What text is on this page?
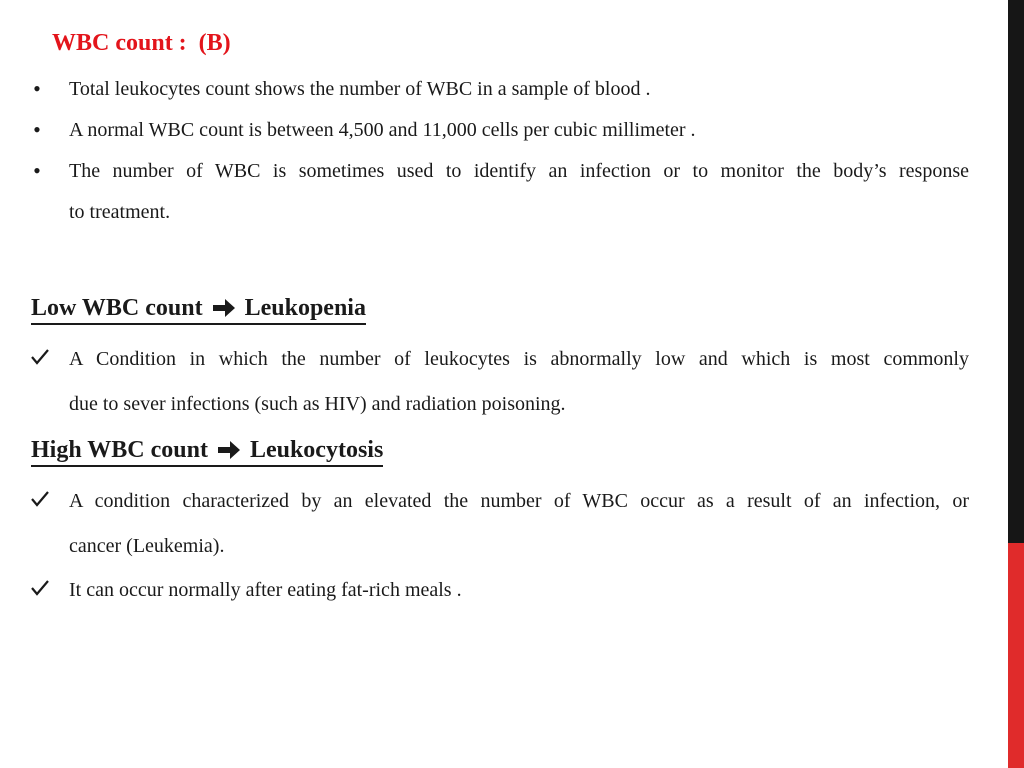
WBC count :  (B)
•	Total leukocytes count shows the number of WBC in a sample of blood .
•	A normal WBC count is between 4,500 and 11,000 cells per cubic millimeter .
•	The number of WBC is sometimes used to identify an infection or to monitor the body’s response
to treatment.
Low WBC count Leukopenia
A Condition in which the number of leukocytes is abnormally low and which is most commonly
due to sever infections (such as HIV) and radiation poisoning.
High WBC count Leukocytosis
A condition characterized by an elevated the number of WBC occur as a result of an infection, or
cancer (Leukemia).
It can occur normally after eating fat-rich meals .
